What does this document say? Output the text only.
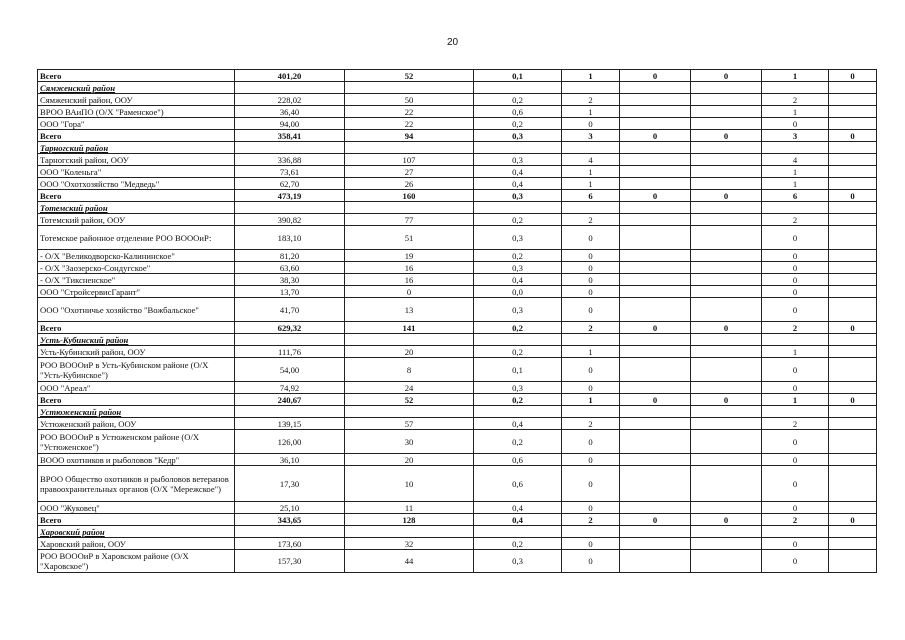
20
Всего	401,20	52	0,1	1	0	0	1	0
Сямженский район								
Сямженский район, ООУ	228,02	50	0,2	2			2	
ВРОО ВАиПО (О/Х "Раменское")	36,40	22	0,6	1			1	
ООО "Гора"	94,00	22	0,2	0			0	
Всего	358,41	94	0,3	3	0	0	3	0
Тарногский район								
Тарногский район, ООУ	336,88	107	0,3	4			4	
ООО "Коленьга"	73,61	27	0,4	1			1	
ООО "Охотхозяйство "Медведь"	62,70	26	0,4	1			1	
Всего	473,19	160	0,3	6	0	0	6	0
Тотемский район								
Тотемский район, ООУ	390,82	77	0,2	2			2	
Тотемское районное отделение РОО ВОООиР:	183,10	51	0,3	0			0	
- О/Х "Великодворско-Калининское"	81,20	19	0,2	0			0	
- О/Х "Заозерско-Сондугское"	63,60	16	0,3	0			0	
- О/Х "Тиксненское"	38,30	16	0,4	0			0	
ООО "СтройсервисГарант"	13,70	0	0,0	0			0	
ООО "Охотничье хозяйство "Вожбальское"	41,70	13	0,3	0			0	
Всего	629,32	141	0,2	2	0	0	2	0
Усть-Кубинский район								
Усть-Кубинский район, ООУ	111,76	20	0,2	1			1	
РОО ВОООиР в Усть-Кубинском районе (О/Х "Усть-Кубинское")	54,00	8	0,1	0			0	
ООО "Ареал"	74,92	24	0,3	0			0	
Всего	240,67	52	0,2	1	0	0	1	0
Устюженский район								
Устюженский район, ООУ	139,15	57	0,4	2			2	
РОО ВОООиР в Устюженском районе (О/Х "Устюженское")	126,00	30	0,2	0			0	
ВООО охотников и рыболовов "Кедр"	36,10	20	0,6	0			0	
ВРОО Общество охотников и рыболовов ветеранов правоохранительных органов (О/Х "Мережское")	17,30	10	0,6	0			0	
ООО "Жуковец"	25,10	11	0,4	0			0	
Всего	343,65	128	0,4	2	0	0	2	0
Харовский район								
Харовский район, ООУ	173,60	32	0,2	0			0	
РОО ВОООиР в Харовском районе (О/Х "Харовское")	157,30	44	0,3	0			0	
